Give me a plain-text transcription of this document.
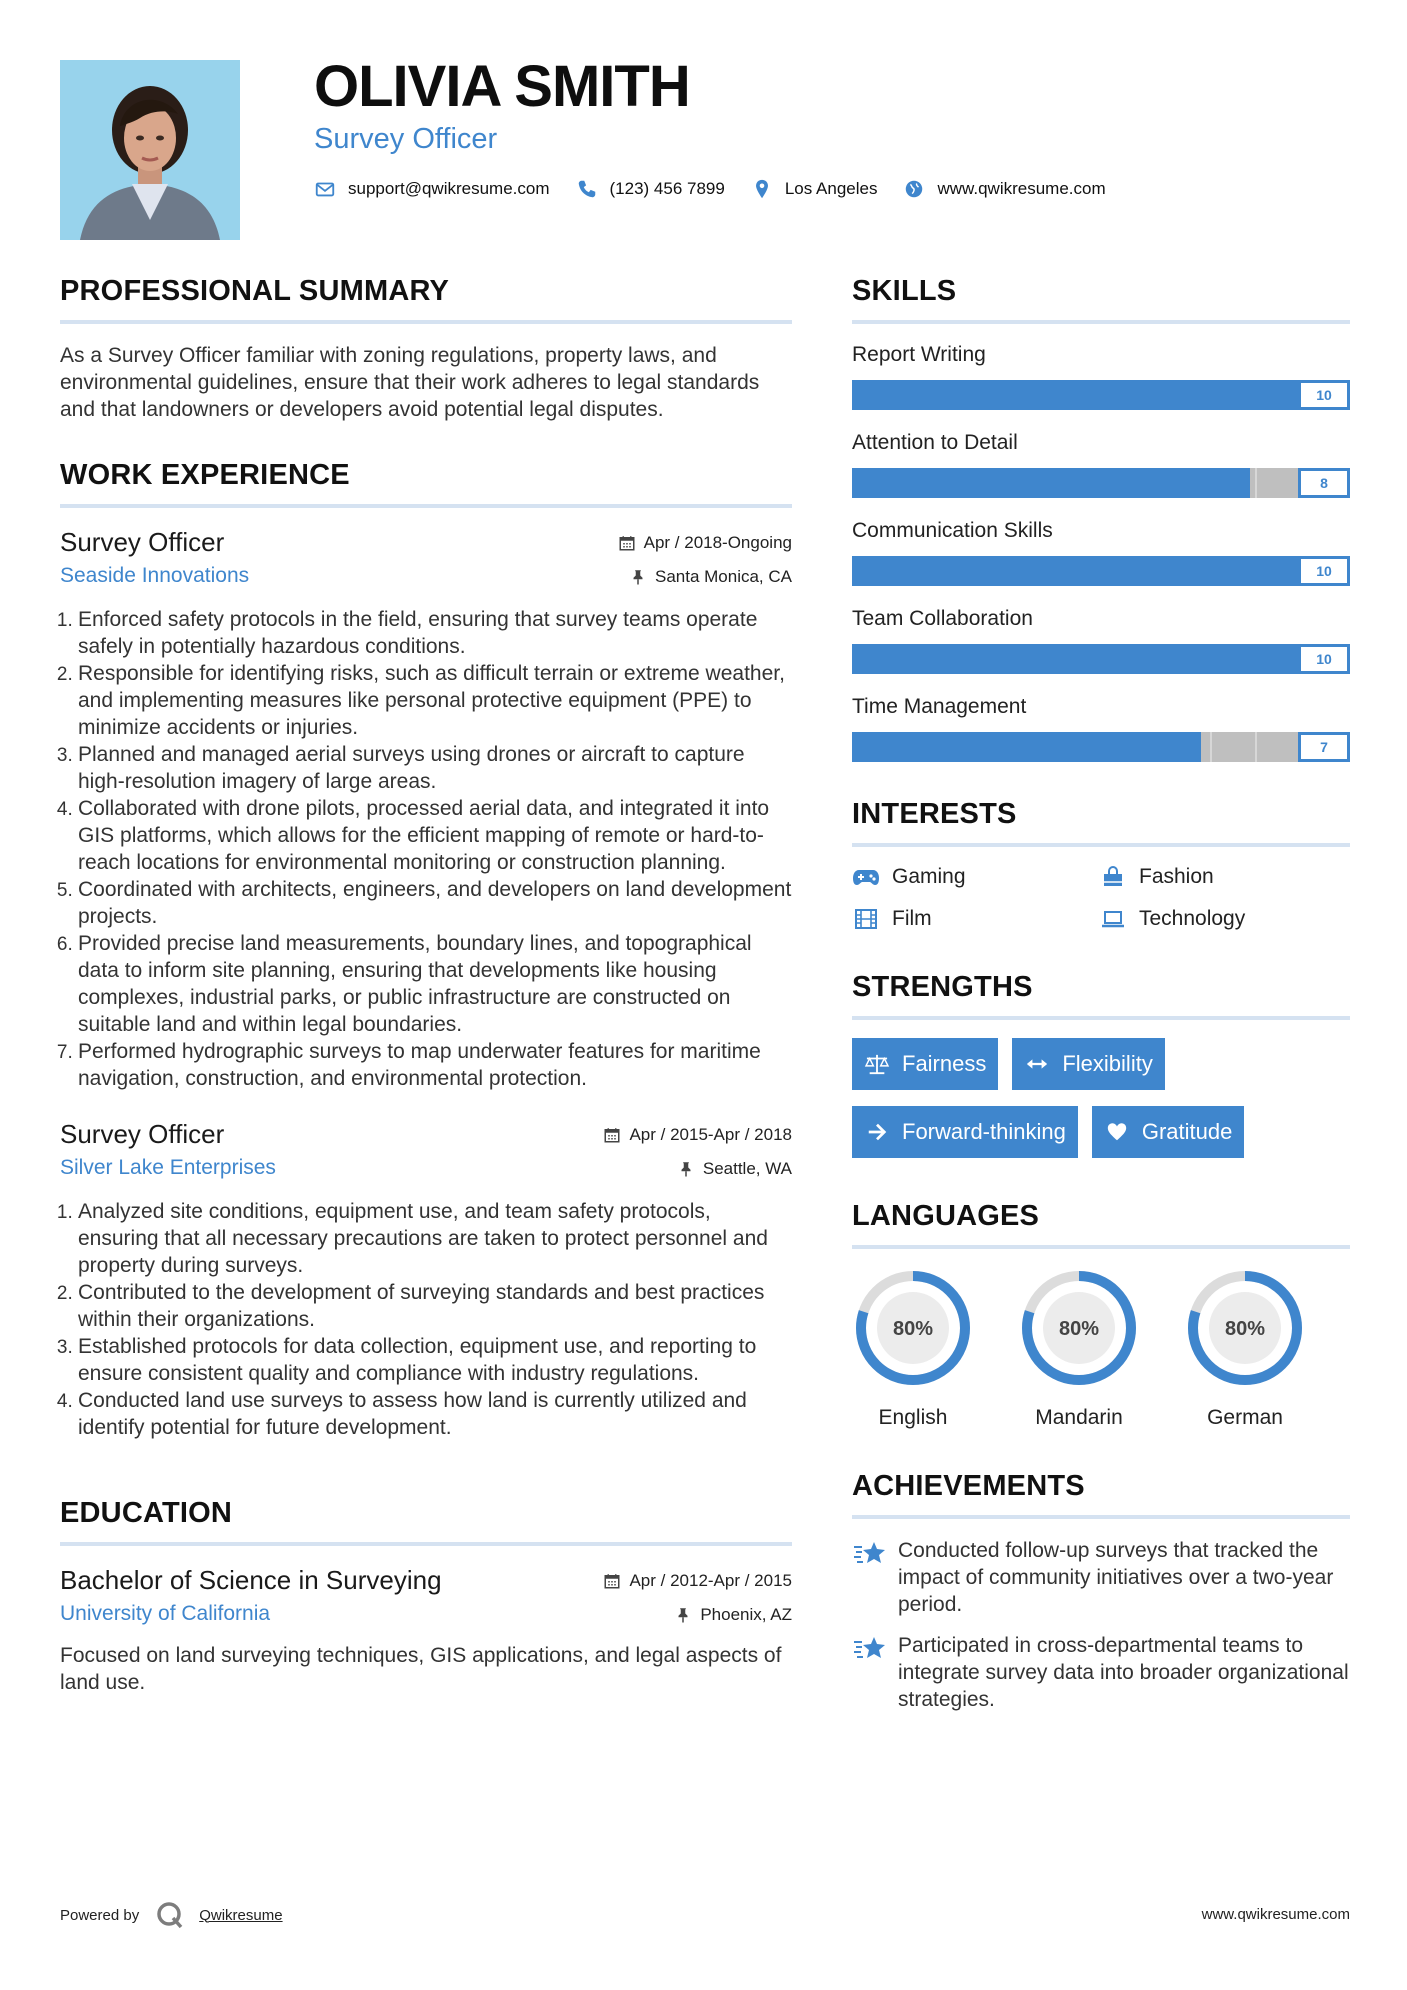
OLIVIA SMITH
Survey Officer
support@qwikresume.com	(123) 456 7899	Los Angeles	www.qwikresume.com
PROFESSIONAL SUMMARY

As a Survey Officer familiar with zoning regulations, property laws, and environmental guidelines, ensure that their work adheres to legal standards and that landowners or developers avoid potential legal disputes.

WORK EXPERIENCE
Survey Officer
Seaside Innovations
Apr / 2018-Ongoing
Santa Monica, CA
1. Enforced safety protocols in the field, ensuring that survey teams operate safely in potentially hazardous conditions.
2. Responsible for identifying risks, such as difficult terrain or extreme weather, and implementing measures like personal protective equipment (PPE) to minimize accidents or injuries.
3. Planned and managed aerial surveys using drones or aircraft to capture high-resolution imagery of large areas.
4. Collaborated with drone pilots, processed aerial data, and integrated it into GIS platforms, which allows for the efficient mapping of remote or hard-to-reach locations for environmental monitoring or construction planning.
5. Coordinated with architects, engineers, and developers on land development projects.
6. Provided precise land measurements, boundary lines, and topographical data to inform site planning, ensuring that developments like housing complexes, industrial parks, or public infrastructure are constructed on suitable land and within legal boundaries.
7. Performed hydrographic surveys to map underwater features for maritime navigation, construction, and environmental protection.
Survey Officer
Silver Lake Enterprises
Apr / 2015-Apr / 2018
Seattle, WA
1. Analyzed site conditions, equipment use, and team safety protocols, ensuring that all necessary precautions are taken to protect personnel and property during surveys.
2. Contributed to the development of surveying standards and best practices within their organizations.
3. Established protocols for data collection, equipment use, and reporting to ensure consistent quality and compliance with industry regulations.
4. Conducted land use surveys to assess how land is currently utilized and identify potential for future development.
EDUCATION
Bachelor of Science in Surveying
University of California
Apr / 2012-Apr / 2015
Phoenix, AZ

Focused on land surveying techniques, GIS applications, and legal aspects of land use.

SKILLS
Report Writing
10
Attention to Detail
8
Communication Skills
10
Team Collaboration
10
Time Management
7
INTERESTS
Gaming	Fashion
Film	Technology
STRENGTHS
Fairness	Flexibility
Forward-thinking	Gratitude
LANGUAGES
80%
English
80%
Mandarin
80%
German
ACHIEVEMENTS
Conducted follow-up surveys that tracked the impact of community initiatives over a two-year period.
Participated in cross-departmental teams to integrate survey data into broader organizational strategies.
Powered by	Qwikresume	www.qwikresume.com
